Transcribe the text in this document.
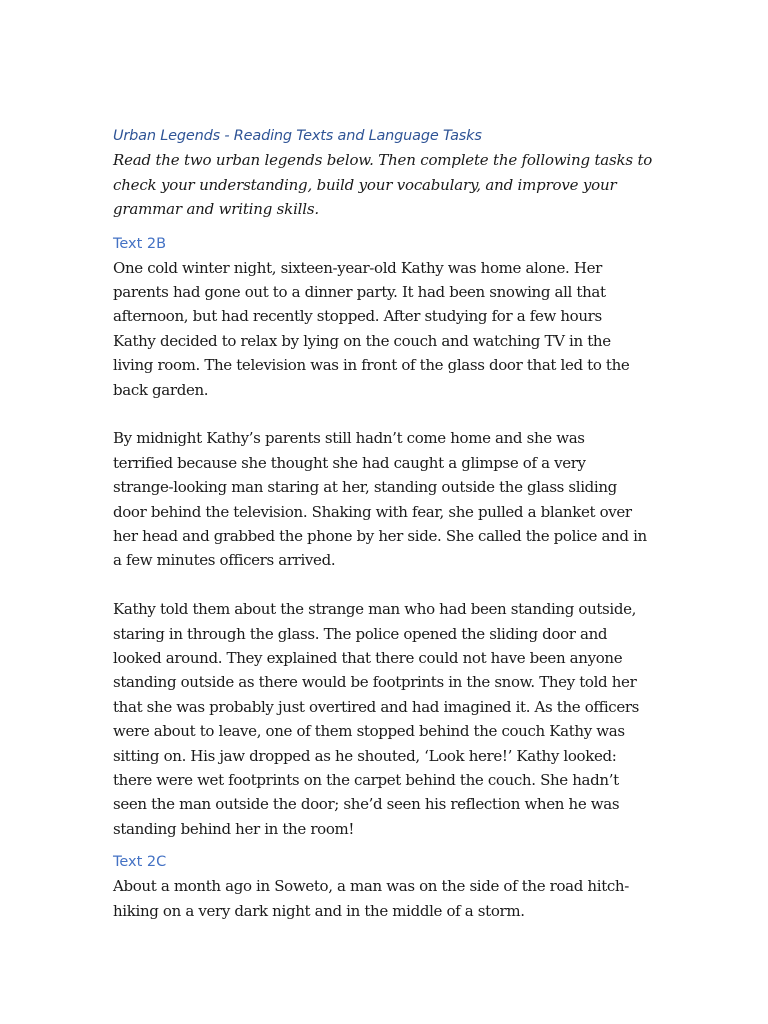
Urban Legends - Reading Texts and Language Tasks

Read the two urban legends below. Then complete the following tasks to
check your understanding, build your vocabulary, and improve your
grammar and writing skills.

Text 2B

One cold winter night, sixteen-year-old Kathy was home alone. Her
parents had gone out to a dinner party. It had been snowing all that
afternoon, but had recently stopped. After studying for a few hours
Kathy decided to relax by lying on the couch and watching TV in the
living room. The television was in front of the glass door that led to the
back garden.

By midnight Kathy’s parents still hadn’t come home and she was
terrified because she thought she had caught a glimpse of a very
strange-looking man staring at her, standing outside the glass sliding
door behind the television. Shaking with fear, she pulled a blanket over
her head and grabbed the phone by her side. She called the police and in
a few minutes officers arrived.

Kathy told them about the strange man who had been standing outside,
staring in through the glass. The police opened the sliding door and
looked around. They explained that there could not have been anyone
standing outside as there would be footprints in the snow. They told her
that she was probably just overtired and had imagined it. As the officers
were about to leave, one of them stopped behind the couch Kathy was
sitting on. His jaw dropped as he shouted, ‘Look here!’ Kathy looked:
there were wet footprints on the carpet behind the couch. She hadn’t
seen the man outside the door; she’d seen his reflection when he was
standing behind her in the room!

Text 2C

About a month ago in Soweto, a man was on the side of the road hitch-
hiking on a very dark night and in the middle of a storm.
